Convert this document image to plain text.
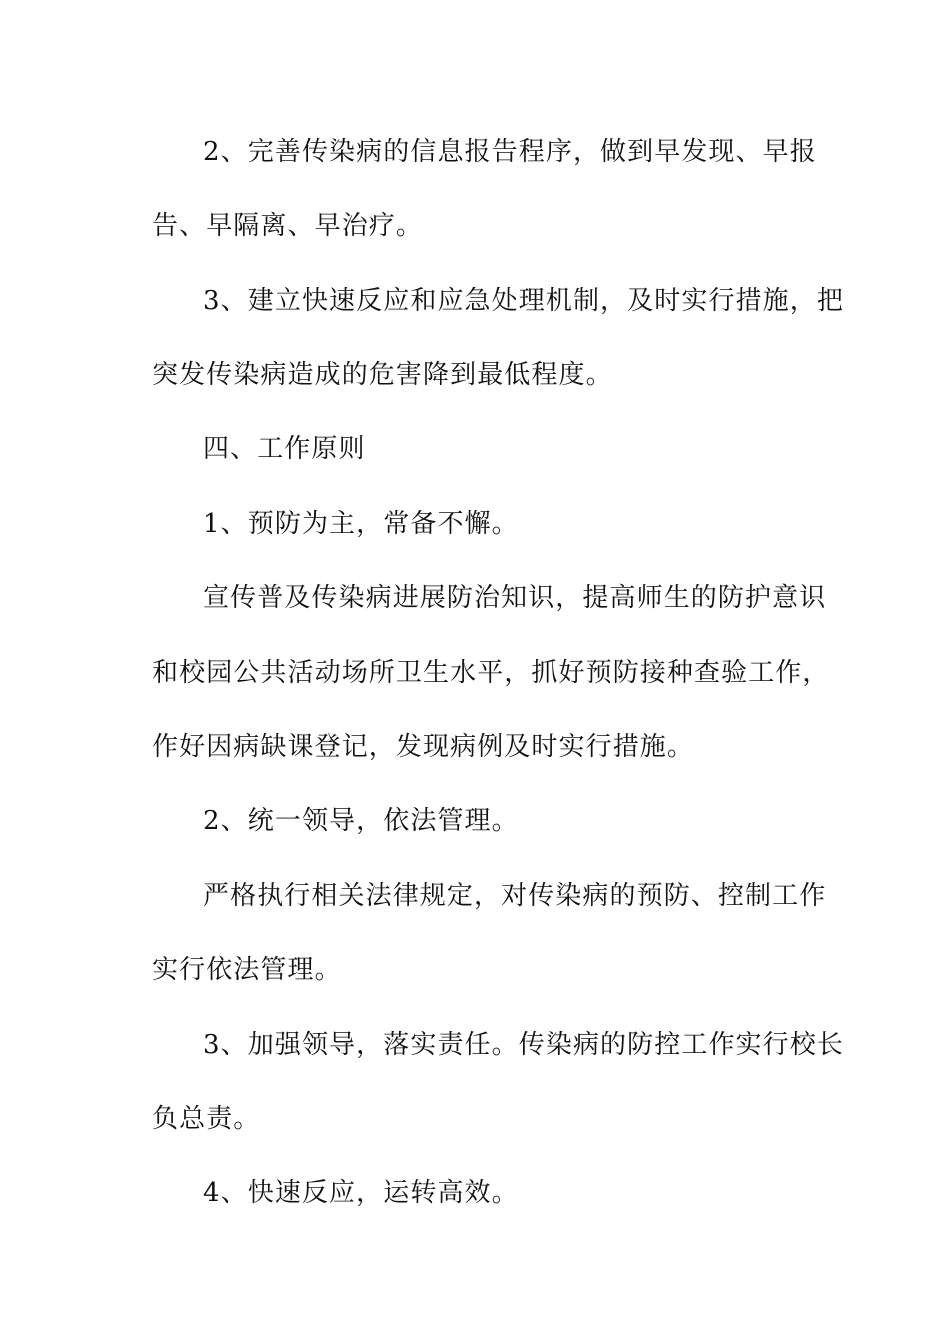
2、完善传染病的信息报告程序，做到早发现、早报
告、早隔离、早治疗。
3、建立快速反应和应急处理机制，及时实行措施，把
突发传染病造成的危害降到最低程度。
四、工作原则
1、预防为主，常备不懈。
宣传普及传染病进展防治知识，提高师生的防护意识
和校园公共活动场所卫生水平，抓好预防接种查验工作，
作好因病缺课登记，发现病例及时实行措施。
2、统一领导，依法管理。
严格执行相关法律规定，对传染病的预防、控制工作
实行依法管理。
3、加强领导，落实责任。传染病的防控工作实行校长
负总责。
4、快速反应，运转高效。
